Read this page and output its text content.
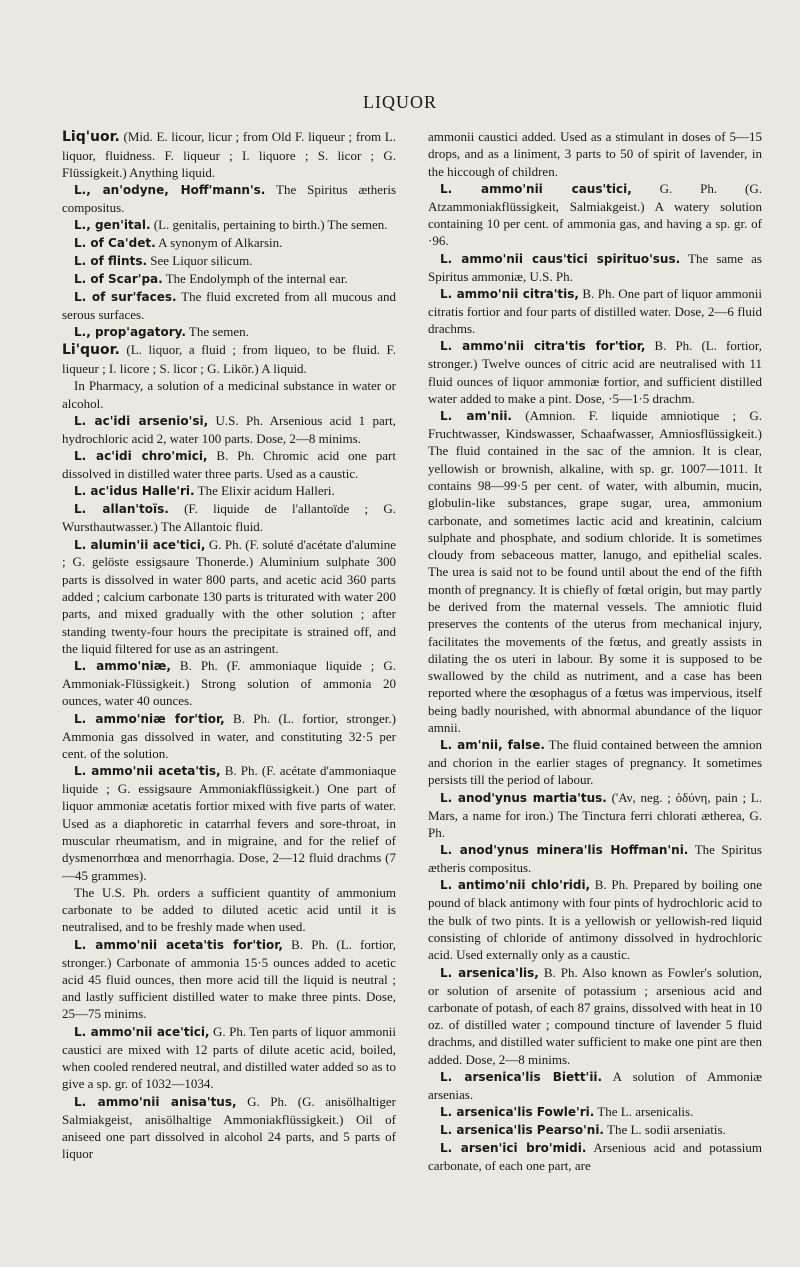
LIQUOR

Liq'uor. (Mid. E. licour, licur ; from Old F. liqueur ; from L. liquor, fluidness. F. liqueur ; I. liquore ; S. licor ; G. Flüssigkeit.) Anything liquid.

L., an'odyne, Hoff'mann's. The Spiritus ætheris compositus.

L., gen'ital. (L. genitalis, pertaining to birth.) The semen.

L. of Ca'det. A synonym of Alkarsin.

L. of flints. See Liquor silicum.

L. of Scar'pa. The Endolymph of the internal ear.

L. of sur'faces. The fluid excreted from all mucous and serous surfaces.

L., prop'agatory. The semen.

Li'quor. (L. liquor, a fluid ; from liqueo, to be fluid. F. liqueur ; I. licore ; S. licor ; G. Likör.) A liquid.

In Pharmacy, a solution of a medicinal substance in water or alcohol.

L. ac'idi arsenio'si, U.S. Ph. Arsenious acid 1 part, hydrochloric acid 2, water 100 parts. Dose, 2—8 minims.

L. ac'idi chro'mici, B. Ph. Chromic acid one part dissolved in distilled water three parts. Used as a caustic.

L. ac'idus Halle'ri. The Elixir acidum Halleri.

L. allan'toïs. (F. liquide de l'allantoïde ; G. Wursthautwasser.) The Allantoic fluid.

L. alumin'ii ace'tici, G. Ph. (F. soluté d'acétate d'alumine ; G. gelöste essigsaure Thonerde.) Aluminium sulphate 300 parts is dissolved in water 800 parts, and acetic acid 360 parts added ; calcium carbonate 130 parts is triturated with water 200 parts, and mixed gradually with the other solution ; after standing twenty-four hours the precipitate is strained off, and the liquid filtered for use as an astringent.

L. ammo'niæ, B. Ph. (F. ammoniaque liquide ; G. Ammoniak-Flüssigkeit.) Strong solution of ammonia 20 ounces, water 40 ounces.

L. ammo'niæ for'tior, B. Ph. (L. fortior, stronger.) Ammonia gas dissolved in water, and constituting 32·5 per cent. of the solution.

L. ammo'nii aceta'tis, B. Ph. (F. acétate d'ammoniaque liquide ; G. essigsaure Ammoniakflüssigkeit.) One part of liquor ammoniæ acetatis fortior mixed with five parts of water. Used as a diaphoretic in catarrhal fevers and sore-throat, in muscular rheumatism, and in migraine, and for the relief of dysmenorrhœa and menorrhagia. Dose, 2—12 fluid drachms (7—45 grammes).

The U.S. Ph. orders a sufficient quantity of ammonium carbonate to be added to diluted acetic acid until it is neutralised, and to be freshly made when used.

L. ammo'nii aceta'tis for'tior, B. Ph. (L. fortior, stronger.) Carbonate of ammonia 15·5 ounces added to acetic acid 45 fluid ounces, then more acid till the liquid is neutral ; and lastly sufficient distilled water to make three pints. Dose, 25—75 minims.

L. ammo'nii ace'tici, G. Ph. Ten parts of liquor ammonii caustici are mixed with 12 parts of dilute acetic acid, boiled, when cooled rendered neutral, and distilled water added so as to give a sp. gr. of 1032—1034.

L. ammo'nii anisa'tus, G. Ph. (G. anisölhaltiger Salmiakgeist, anisölhaltige Ammoniakflüssigkeit.) Oil of aniseed one part dissolved in alcohol 24 parts, and 5 parts of liquor

ammonii caustici added. Used as a stimulant in doses of 5—15 drops, and as a liniment, 3 parts to 50 of spirit of lavender, in the hiccough of children.

L. ammo'nii caus'tici, G. Ph. (G. Atzammoniakflüssigkeit, Salmiakgeist.) A watery solution containing 10 per cent. of ammonia gas, and having a sp. gr. of ·96.

L. ammo'nii caus'tici spirituo'sus. The same as Spiritus ammoniæ, U.S. Ph.

L. ammo'nii citra'tis, B. Ph. One part of liquor ammonii citratis fortior and four parts of distilled water. Dose, 2—6 fluid drachms.

L. ammo'nii citra'tis for'tior, B. Ph. (L. fortior, stronger.) Twelve ounces of citric acid are neutralised with 11 fluid ounces of liquor ammoniæ fortior, and sufficient distilled water added to make a pint. Dose, ·5—1·5 drachm.

L. am'nii. (Amnion. F. liquide amniotique ; G. Fruchtwasser, Kindswasser, Schaafwasser, Amniosflüssigkeit.) The fluid contained in the sac of the amnion. It is clear, yellowish or brownish, alkaline, with sp. gr. 1007—1011. It contains 98—99·5 per cent. of water, with albumin, mucin, globulin-like substances, grape sugar, urea, ammonium carbonate, and sometimes lactic acid and kreatinin, calcium sulphate and phosphate, and sodium chloride. It is sometimes cloudy from sebaceous matter, lanugo, and epithelial scales. The urea is said not to be found until about the end of the fifth month of pregnancy. It is chiefly of fœtal origin, but may partly be derived from the maternal vessels. The amniotic fluid preserves the contents of the uterus from mechanical injury, facilitates the movements of the fœtus, and greatly assists in dilating the os uteri in labour. By some it is supposed to be swallowed by the child as nutriment, and a case has been reported where the œsophagus of a fœtus was impervious, itself being badly nourished, with abnormal abundance of the liquor amnii.

L. am'nii, false. The fluid contained between the amnion and chorion in the earlier stages of pregnancy. It sometimes persists till the period of labour.

L. anod'ynus martia'tus. ('Αν, neg. ; ὀδύνη, pain ; L. Mars, a name for iron.) The Tinctura ferri chlorati ætherea, G. Ph.

L. anod'ynus minera'lis Hoffman'ni. The Spiritus ætheris compositus.

L. antimo'nii chlo'ridi, B. Ph. Prepared by boiling one pound of black antimony with four pints of hydrochloric acid to the bulk of two pints. It is a yellowish or yellowish-red liquid consisting of chloride of antimony dissolved in hydrochloric acid. Used externally only as a caustic.

L. arsenica'lis, B. Ph. Also known as Fowler's solution, or solution of arsenite of potassium ; arsenious acid and carbonate of potash, of each 87 grains, dissolved with heat in 10 oz. of distilled water ; compound tincture of lavender 5 fluid drachms, and distilled water sufficient to make one pint are then added. Dose, 2—8 minims.

L. arsenica'lis Biett'ii. A solution of Ammoniæ arsenias.

L. arsenica'lis Fowle'ri. The L. arsenicalis.

L. arsenica'lis Pearso'ni. The L. sodii arseniatis.

L. arsen'ici bro'midi. Arsenious acid and potassium carbonate, of each one part, are
